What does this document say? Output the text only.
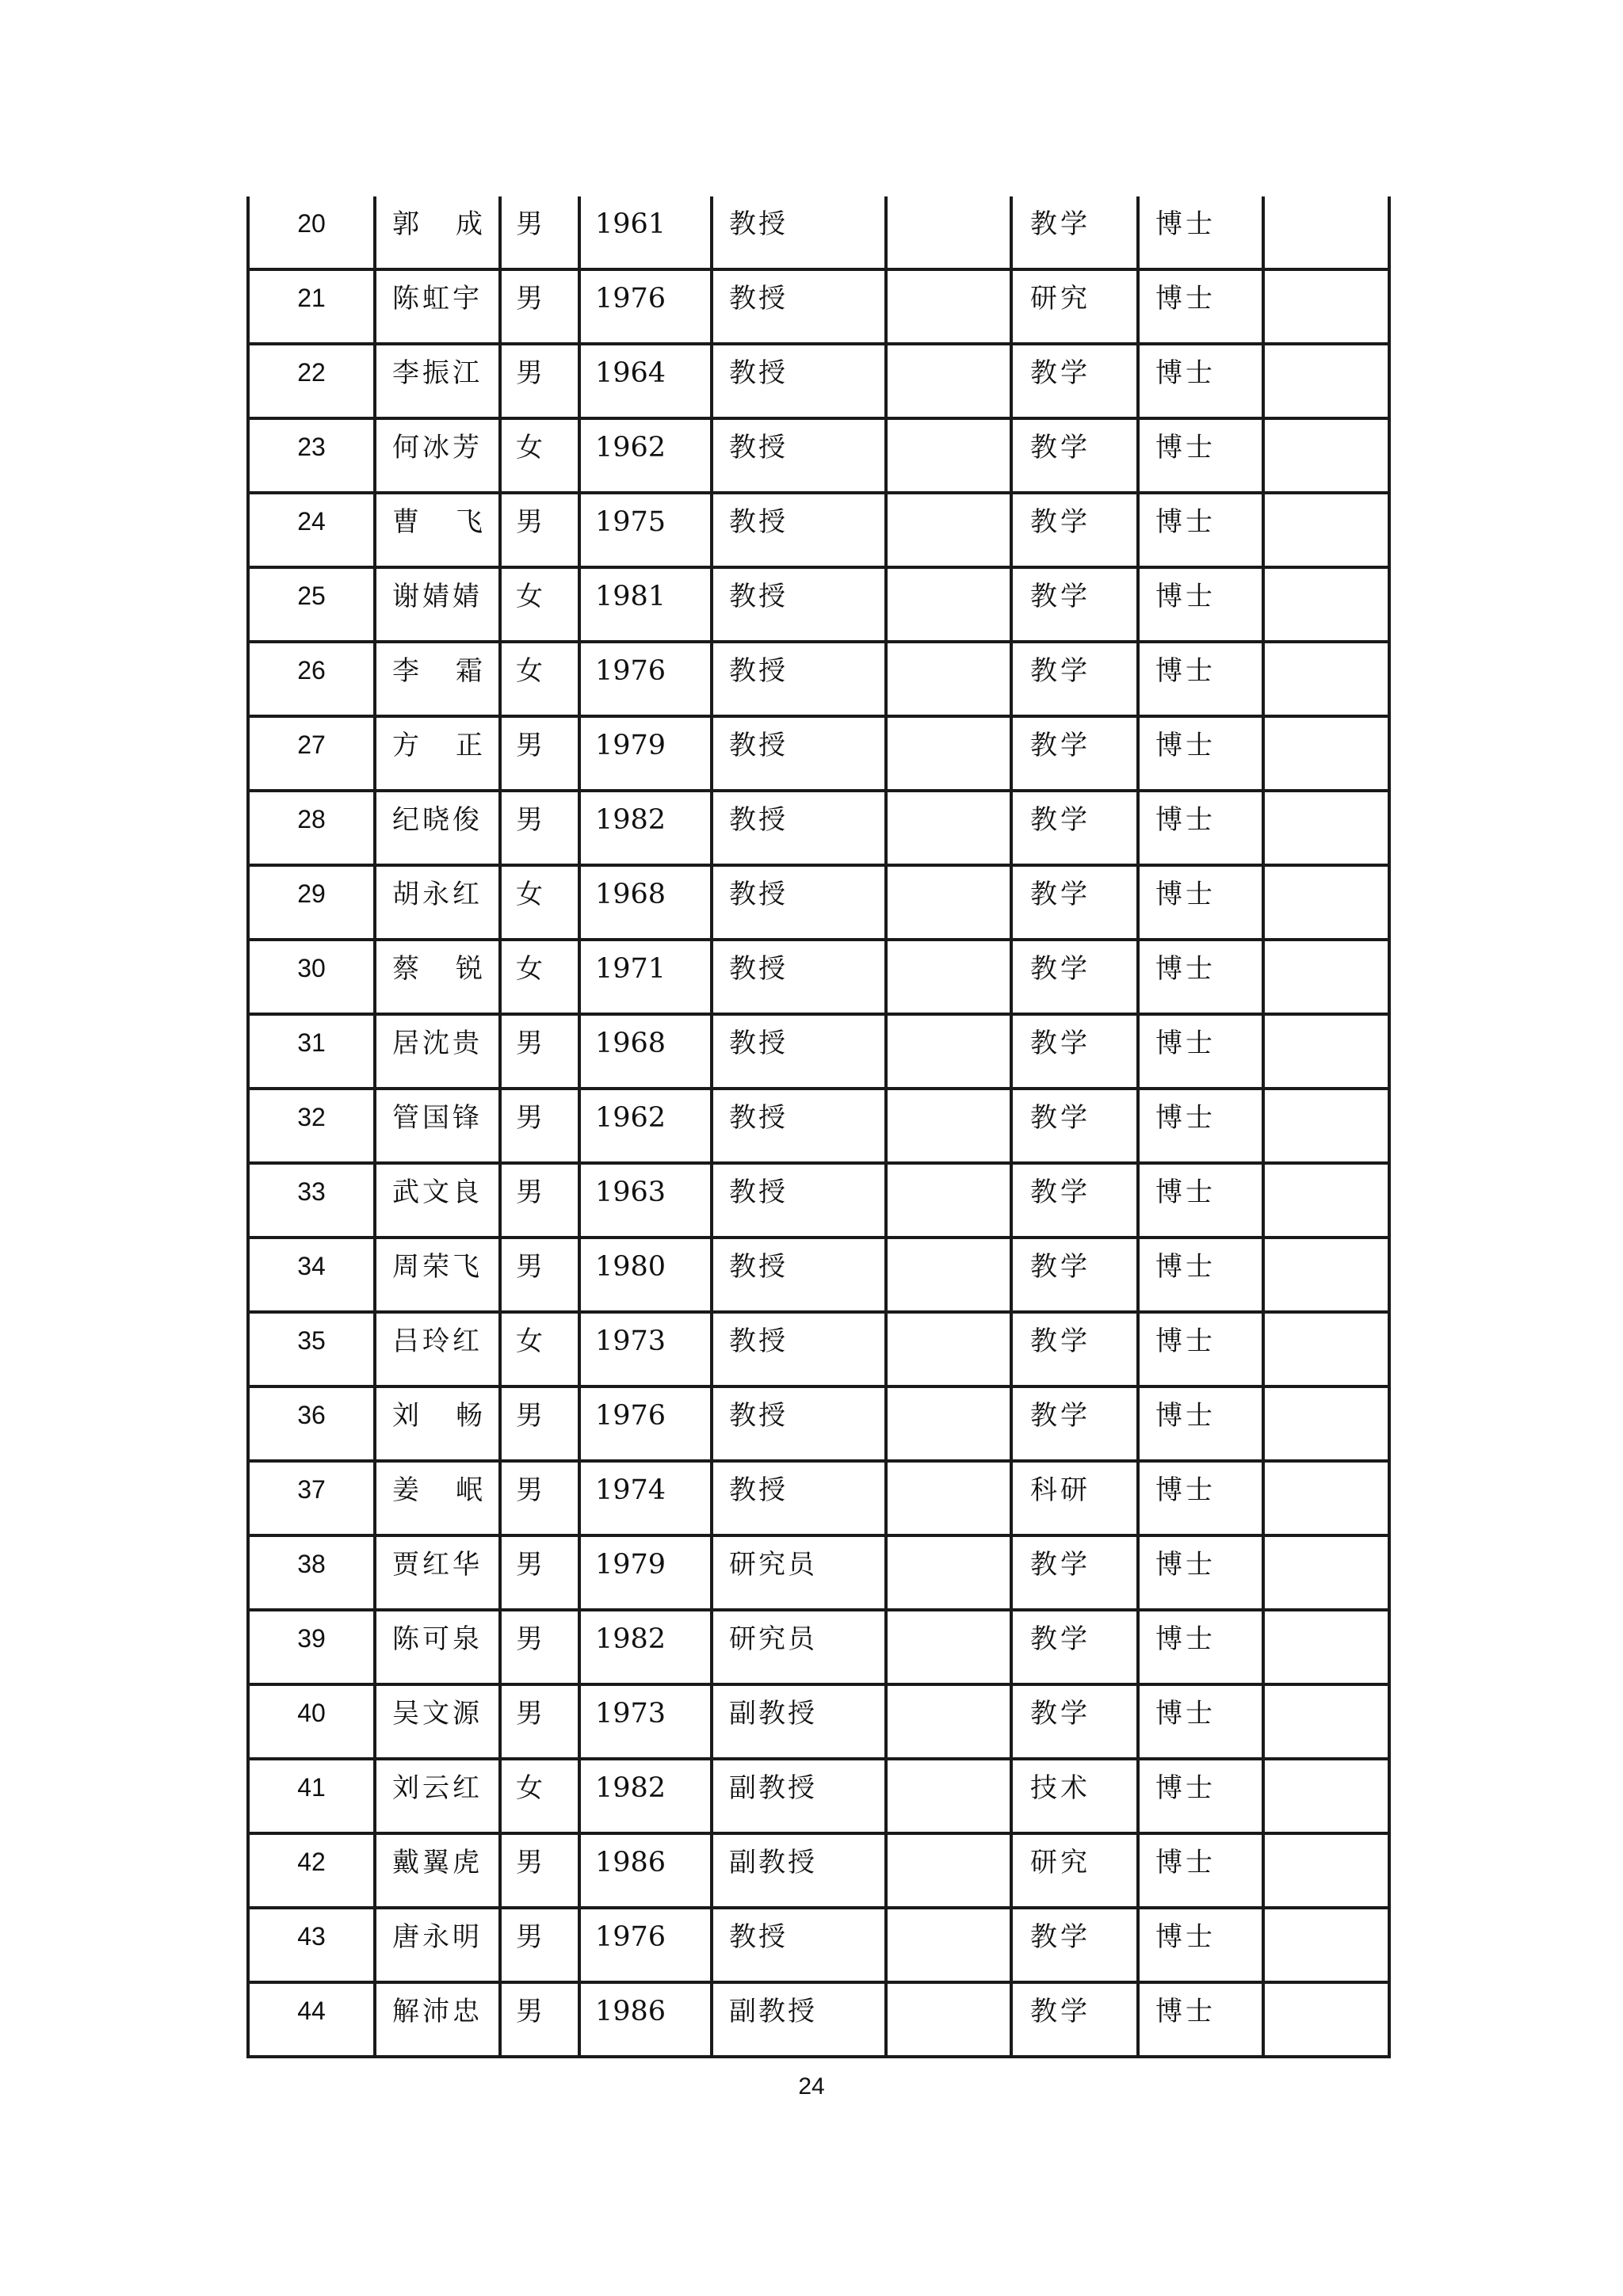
20	郭成	男	1961	教授		教学	博士	

21	陈虹宇	男	1976	教授		研究	博士	

22	李振江	男	1964	教授		教学	博士	

23	何冰芳	女	1962	教授		教学	博士	

24	曹飞	男	1975	教授		教学	博士	

25	谢婧婧	女	1981	教授		教学	博士	

26	李霜	女	1976	教授		教学	博士	

27	方正	男	1979	教授		教学	博士	

28	纪晓俊	男	1982	教授		教学	博士	

29	胡永红	女	1968	教授		教学	博士	

30	蔡锐	女	1971	教授		教学	博士	

31	居沈贵	男	1968	教授		教学	博士	

32	管国锋	男	1962	教授		教学	博士	

33	武文良	男	1963	教授		教学	博士	

34	周荣飞	男	1980	教授		教学	博士	

35	吕玲红	女	1973	教授		教学	博士	

36	刘畅	男	1976	教授		教学	博士	

37	姜岷	男	1974	教授		科研	博士	

38	贾红华	男	1979	研究员		教学	博士	

39	陈可泉	男	1982	研究员		教学	博士	

40	吴文源	男	1973	副教授		教学	博士	

41	刘云红	女	1982	副教授		技术	博士	

42	戴翼虎	男	1986	副教授		研究	博士	

43	唐永明	男	1976	教授		教学	博士	

44	解沛忠	男	1986	副教授		教学	博士	

24
